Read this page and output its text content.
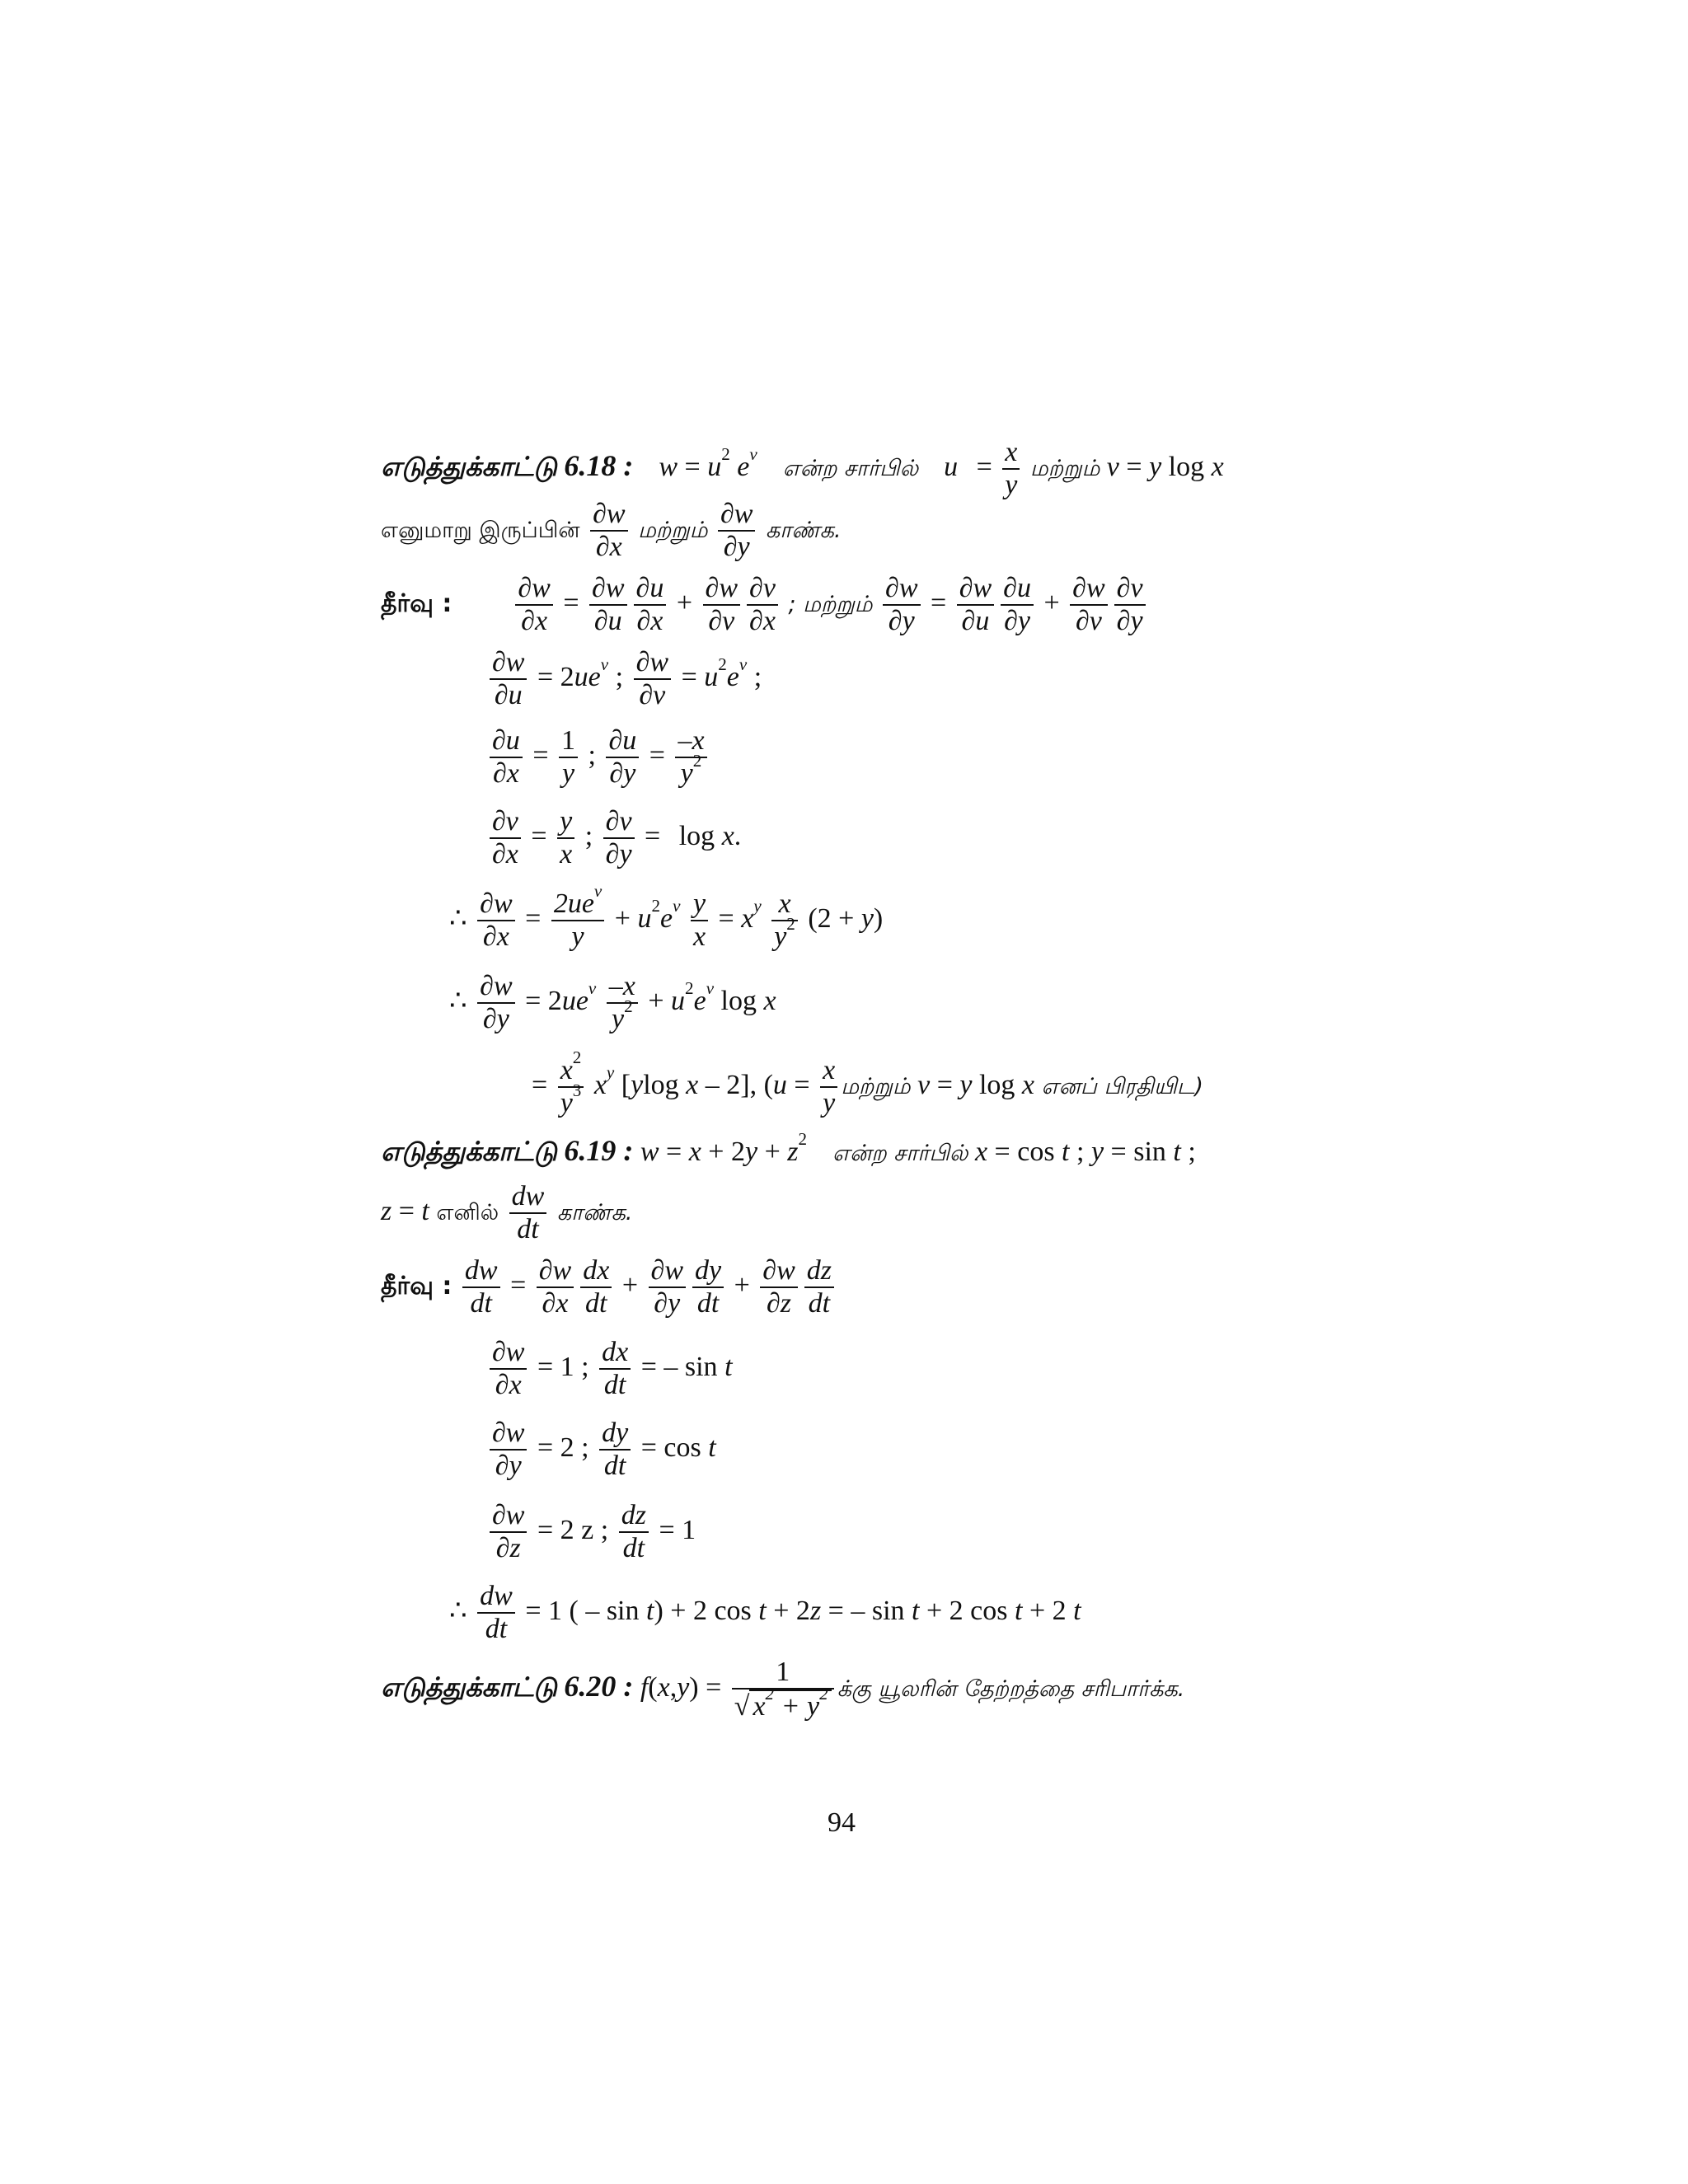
எடுத்துக்காட்டு 6.18 : $w = u^2$ $e^v$  என்ற சார்பில் $u = \frac{x}{y}$ மற்றும் v = y log x
எனுமாறு இருப்பின் $\frac{\partial w}{\partial x}$ மற்றும் $\frac{\partial w}{\partial y}$ காண்க.
தீர்வு : $\frac{\partial w}{\partial x} = \frac{\partial w}{\partial u} \frac{\partial u}{\partial x} + \frac{\partial w}{\partial v} \frac{\partial v}{\partial x}$ ; மற்றும் $\frac{\partial w}{\partial y} = \frac{\partial w}{\partial u} \frac{\partial u}{\partial y} + \frac{\partial w}{\partial v} \frac{\partial v}{\partial y}$
$\frac{\partial w}{\partial u} = 2ue^v$ ; $\frac{\partial w}{\partial v} = u^2e^v$ ;
$\frac{\partial u}{\partial x} = \frac{1}{y}$ ; $\frac{\partial u}{\partial y} = \frac{-x}{y^2}$
$\frac{\partial v}{\partial x} = \frac{y}{x}$ ; $\frac{\partial v}{\partial y} = \log x$.
∴ $\frac{\partial w}{\partial x} = \frac{2ue^v}{y} + u^2e^v \frac{y}{x} = x^y \frac{x}{y^2} (2 + y)$
∴ $\frac{\partial w}{\partial y} = 2ue^v \frac{-x}{y^2} + u^2e^v$ log x
= $\frac{x^2}{y^3} x^y$ [ylog x – 2], ($u = \frac{x}{y}$ மற்றும் v = y log x எனப் பிரதியிட)
எடுத்துக்காட்டு 6.19 : $w = x + 2y + z^2$  என்ற சார்பில் x = cos t ; y = sin t ;
z = t எனில் $\frac{dw}{dt}$ காண்க.
தீர்வு : $\frac{dw}{dt} = \frac{\partial w}{\partial x} \frac{dx}{dt} + \frac{\partial w}{\partial y} \frac{dy}{dt} + \frac{\partial w}{\partial z} \frac{dz}{dt}$
$\frac{\partial w}{\partial x} = 1$ ; $\frac{dx}{dt}$ = – sin t
$\frac{\partial w}{\partial y} = 2$ ; $\frac{dy}{dt} = \cos t$
$\frac{\partial w}{\partial z} = 2$ z ; $\frac{dz}{dt} = 1$
∴ $\frac{dw}{dt} = 1$ ( – sin t) + 2 cos t + 2z = – sin t + 2 cos t + 2 t
எடுத்துக்காட்டு 6.20 : $f(x,y) = \frac{1}{√ x^2 + y^2}$ க்கு யூலரின் தேற்றத்தை சரிபார்க்க.
94
